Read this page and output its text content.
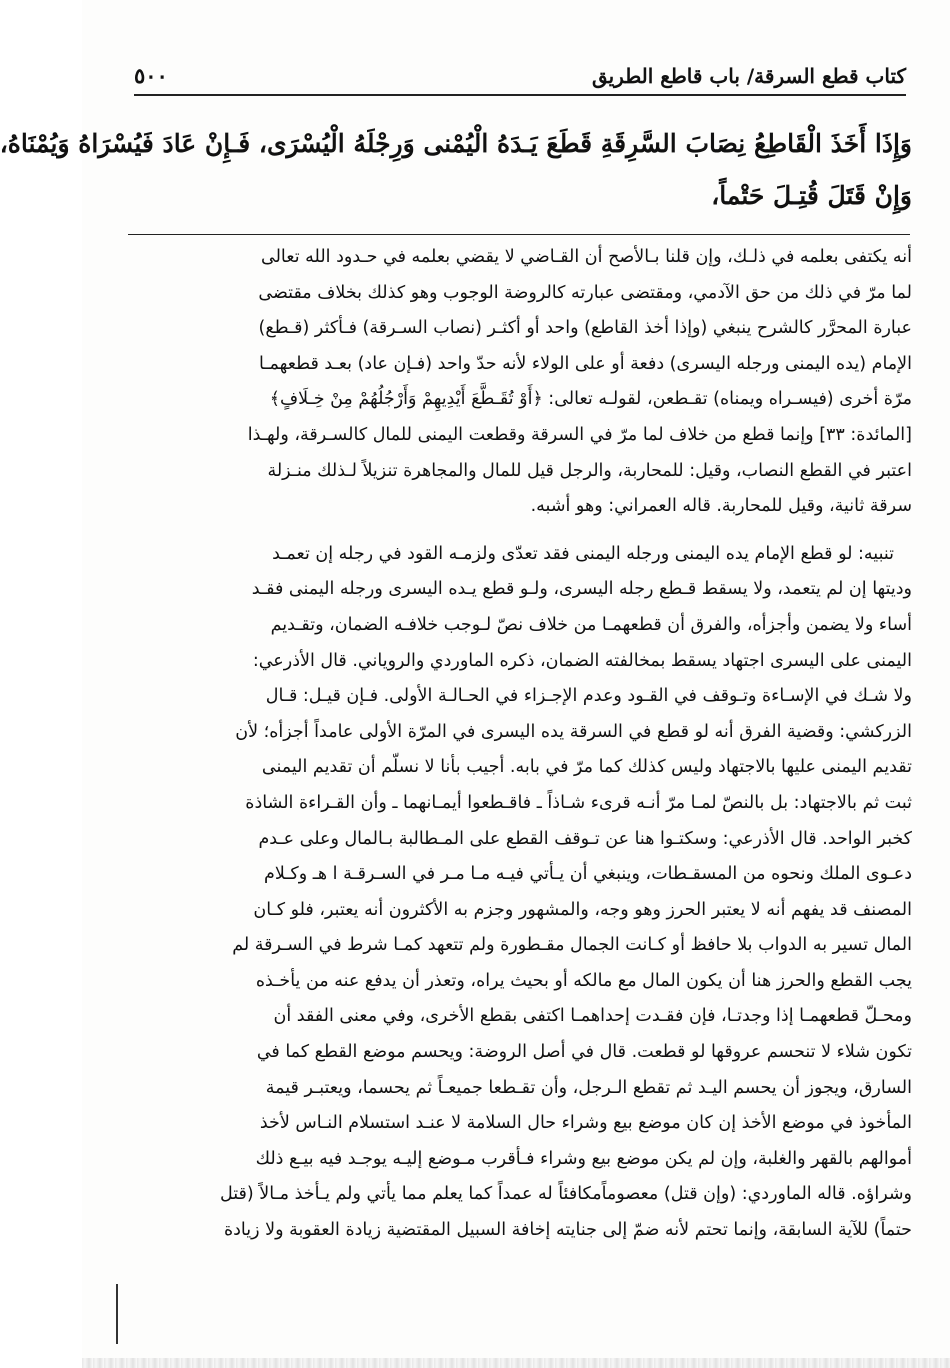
كتاب قطع السرقة/ باب قاطع الطريق
٥٠٠
وَإِذَا أَخَذَ الْقَاطِعُ نِصَابَ السَّرِقَةِ قَطَعَ يَـدَهُ الْيُمْنى وَرِجْلَهُ الْيُسْرَى، فَـإِنْ عَادَ فَيُسْرَاهُ وَيُمْنَاهُ،
وَإِنْ قَتَلَ قُتِـلَ حَتْماً،
أنه يكتفى بعلمه في ذلـك، وإن قلنا بـالأصح أن القـاضي لا يقضي بعلمه في حـدود الله تعالى
لما مرّ في ذلك من حق الآدمي، ومقتضى عبارته كالروضة الوجوب وهو كذلك بخلاف مقتضى
عبارة المحرَّر كالشرح ينبغي (وإذا أخذ القاطع) واحد أو أكثـر (نصاب السـرقة) فـأكثر (قـطع)
الإمام (يده اليمنى ورجله اليسرى) دفعة أو على الولاء لأنه حدّ واحد (فـإن عاد) بعـد قطعهمـا
مرّة أخرى (فيسـراه ويمناه) تقـطعن، لقولـه تعالى: ﴿أَوْ تُقَـطَّعَ أَيْدِيهِمْ وَأَرْجُلُهُمْ مِنْ خِـلَافٍ﴾
[المائدة: ٣٣] وإنما قطع من خلاف لما مرّ في السرقة وقطعت اليمنى للمال كالسـرقة، ولهـذا
اعتبر في القطع النصاب، وقيل: للمحاربة، والرجل قيل للمال والمجاهرة تنزيلاً لـذلك منـزلة
سرقة ثانية، وقيل للمحاربة. قاله العمراني: وهو أشبه.
تنبيه: لو قطع الإمام يده اليمنى ورجله اليمنى فقد تعدّى ولزمـه القود في رجله إن تعمـد
وديتها إن لم يتعمد، ولا يسقط قـطع رجله اليسرى، ولـو قطع يـده اليسرى ورجله اليمنى فقـد
أساء ولا يضمن وأجزأه، والفرق أن قطعهمـا من خلاف نصّ لـوجب خلافـه الضمان، وتقـديم
اليمنى على اليسرى اجتهاد يسقط بمخالفته الضمان، ذكره الماوردي والروياني. قال الأذرعي:
ولا شـك في الإسـاءة وتـوقف في القـود وعدم الإجـزاء في الحـالـة الأولى. فـإن قيـل: قـال
الزركشي: وقضية الفرق أنه لو قطع في السرقة يده اليسرى في المرّة الأولى عامداً أجزأه؛ لأن
تقديم اليمنى عليها بالاجتهاد وليس كذلك كما مرّ في بابه. أجيب بأنا لا نسلّم أن تقديم اليمنى
ثبت ثم بالاجتهاد: بل بالنصّ لمـا مرّ أنـه قرىء شـاذاً ـ فاقـطعوا أيمـانهما ـ وأن القـراءة الشاذة
كخبر الواحد. قال الأذرعي: وسكتـوا هنا عن تـوقف القطع على المـطالبة بـالمال وعلى عـدم
دعـوى الملك ونحوه من المسقـطات، وينبغي أن يـأتي فيـه مـا مـر في السـرقـة ا هـ وكـلام
المصنف قد يفهم أنه لا يعتبر الحرز وهو وجه، والمشهور وجزم به الأكثرون أنه يعتبر، فلو كـان
المال تسير به الدواب بلا حافظ أو كـانت الجمال مقـطورة ولم تتعهد كمـا شرط في السـرقة لم
يجب القطع والحرز هنا أن يكون المال مع مالكه أو بحيث يراه، وتعذر أن يدفع عنه من يأخـذه
ومحـلّ قطعهمـا إذا وجدتـا، فإن فقـدت إحداهمـا اكتفى بقطع الأخرى، وفي معنى الفقد أن
تكون شلاء لا تنحسم عروقها لو قطعت. قال في أصل الروضة: ويحسم موضع القطع كما في
السارق، ويجوز أن يحسم اليـد ثم تقطع الـرجل، وأن تقـطعا جميعـاً ثم يحسما، ويعتبـر قيمة
المأخوذ في موضع الأخذ إن كان موضع بيع وشراء حال السلامة لا عنـد استسلام النـاس لأخذ
أموالهم بالقهر والغلبة، وإن لم يكن موضع بيع وشراء فـأقرب مـوضع إليـه يوجـد فيه بيـع ذلك
وشراؤه. قاله الماوردي: (وإن قتل) معصوماًمكافئاً له عمداً كما يعلم مما يأتي ولم يـأخذ مـالاً (قتل
حتماً) للآية السابقة، وإنما تحتم لأنه ضمّ إلى جنايته إخافة السبيل المقتضية زيادة العقوبة ولا زيادة
